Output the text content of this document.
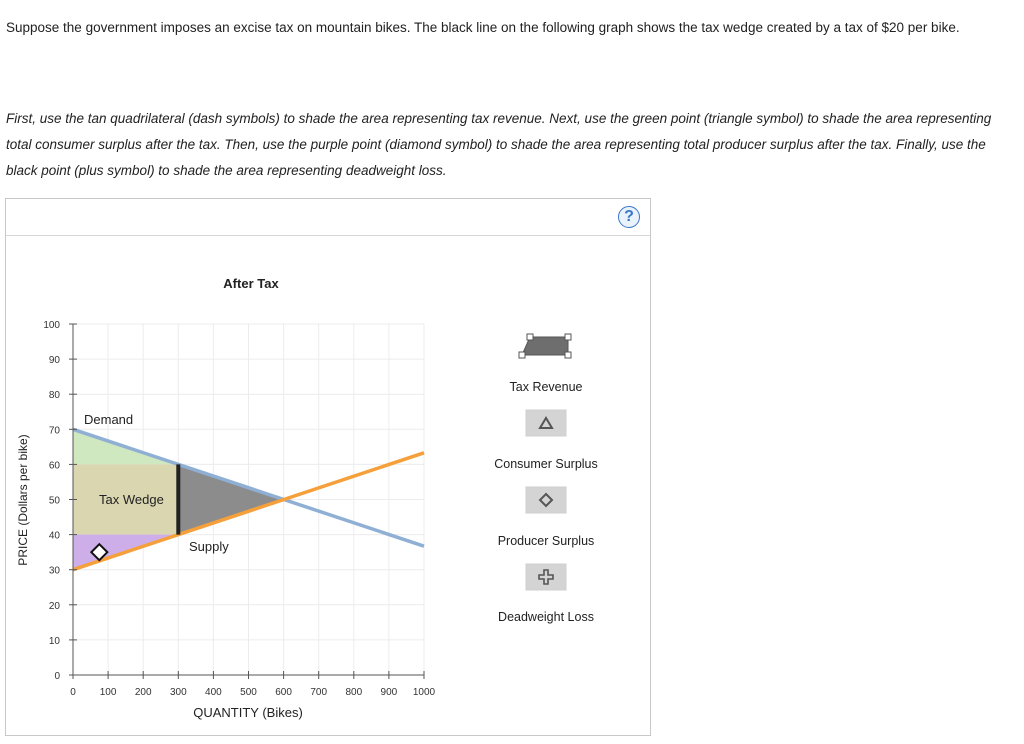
Suppose the government imposes an excise tax on mountain bikes. The black line on the following graph shows the tax wedge created by a tax of $20 per bike.
First, use the tan quadrilateral (dash symbols) to shade the area representing tax revenue. Next, use the green point (triangle symbol) to shade the area representing total consumer surplus after the tax. Then, use the purple point (diamond symbol) to shade the area representing total producer surplus after the tax. Finally, use the black point (plus symbol) to shade the area representing deadweight loss.
?
0
10
20
30
40
50
60
70
80
90
100
0 100 200 300 400 500 600 700 800 900 1000
After Tax
QUANTITY (Bikes)
PRICE (Dollars per bike)
Demand
Supply
Tax Wedge
Tax Revenue
Consumer Surplus
Producer Surplus
Deadweight Loss
